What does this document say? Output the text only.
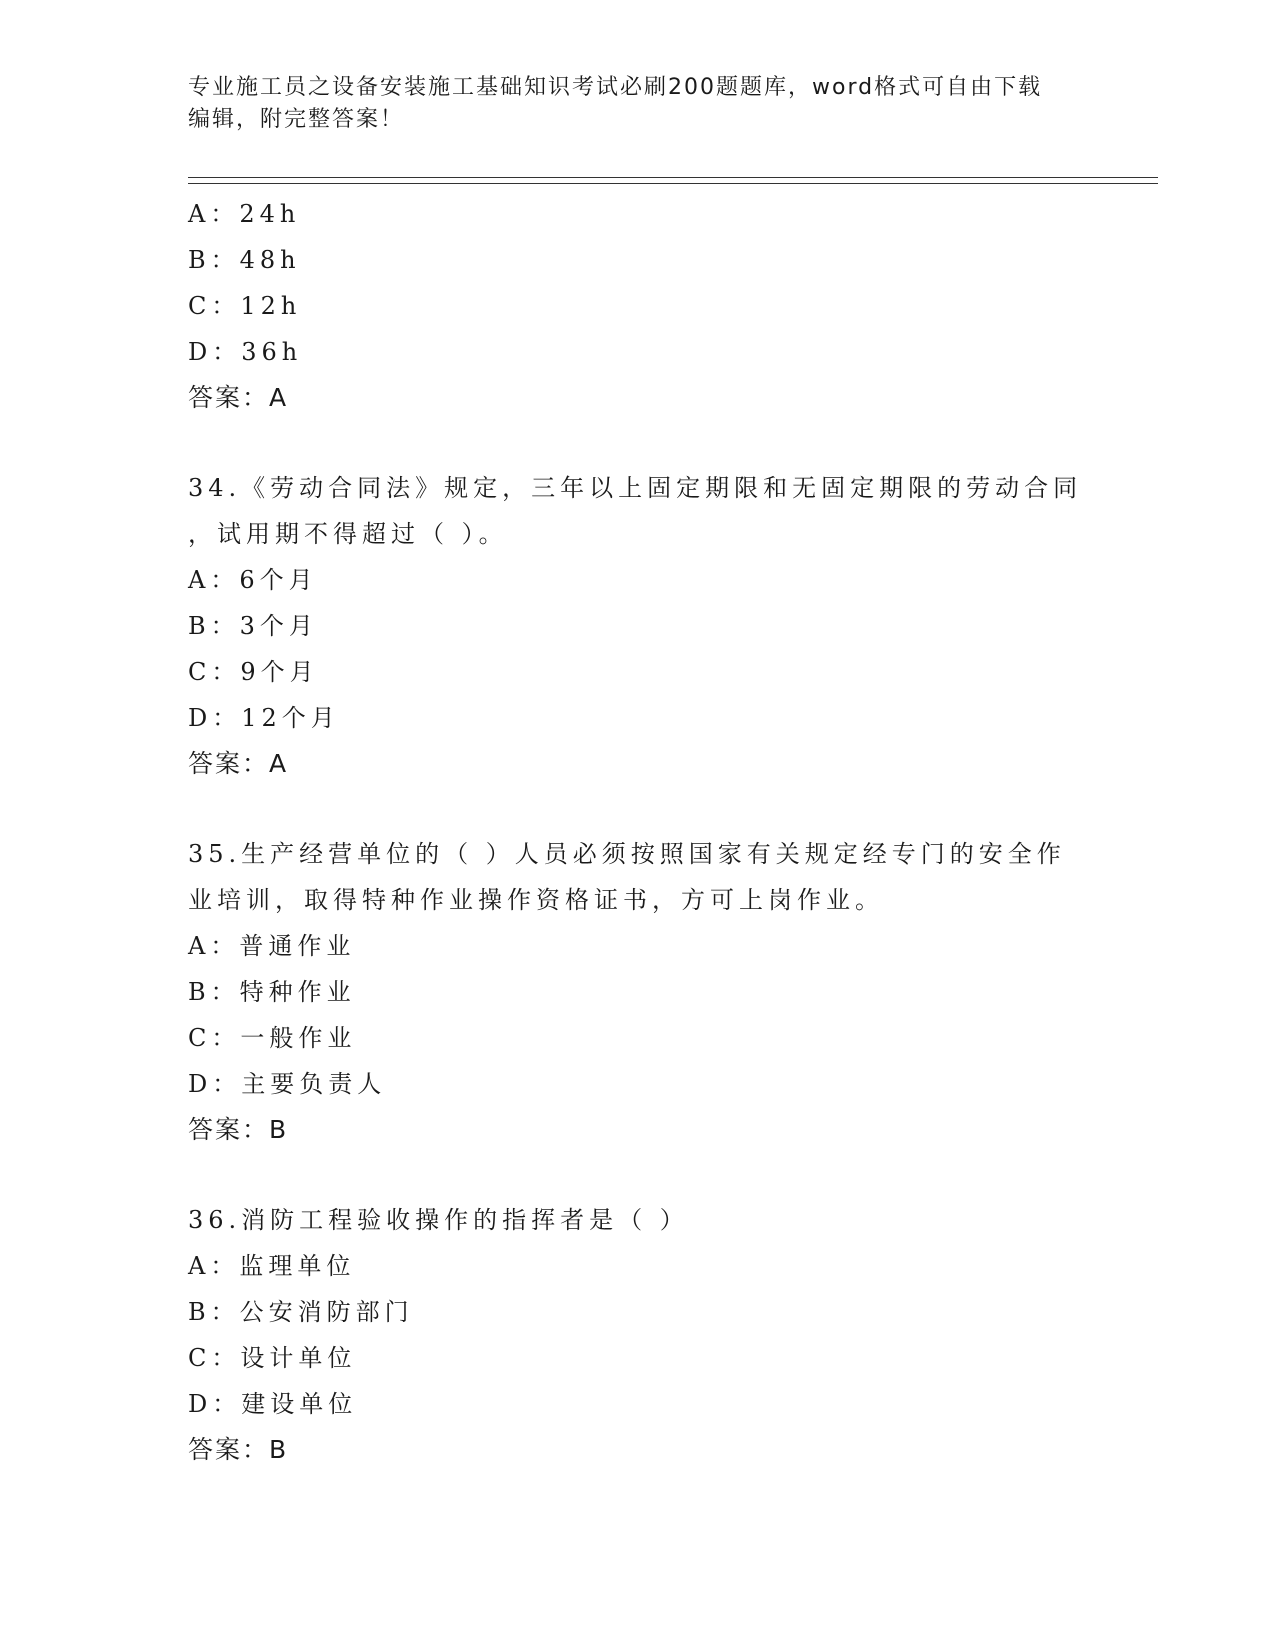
专业施工员之设备安装施工基础知识考试必刷200题题库，word格式可自由下载
编辑，附完整答案！
A：24h
B：48h
C：12h
D：36h
答案：A
34.《劳动合同法》规定，三年以上固定期限和无固定期限的劳动合同
，试用期不得超过（ ）。
A：6个月
B：3个月
C：9个月
D：12个月
答案：A
35.生产经营单位的（ ）人员必须按照国家有关规定经专门的安全作
业培训，取得特种作业操作资格证书，方可上岗作业。
A：普通作业
B：特种作业
C：一般作业
D：主要负责人
答案：B
36.消防工程验收操作的指挥者是（ ）
A：监理单位
B：公安消防部门
C：设计单位
D：建设单位
答案：B
